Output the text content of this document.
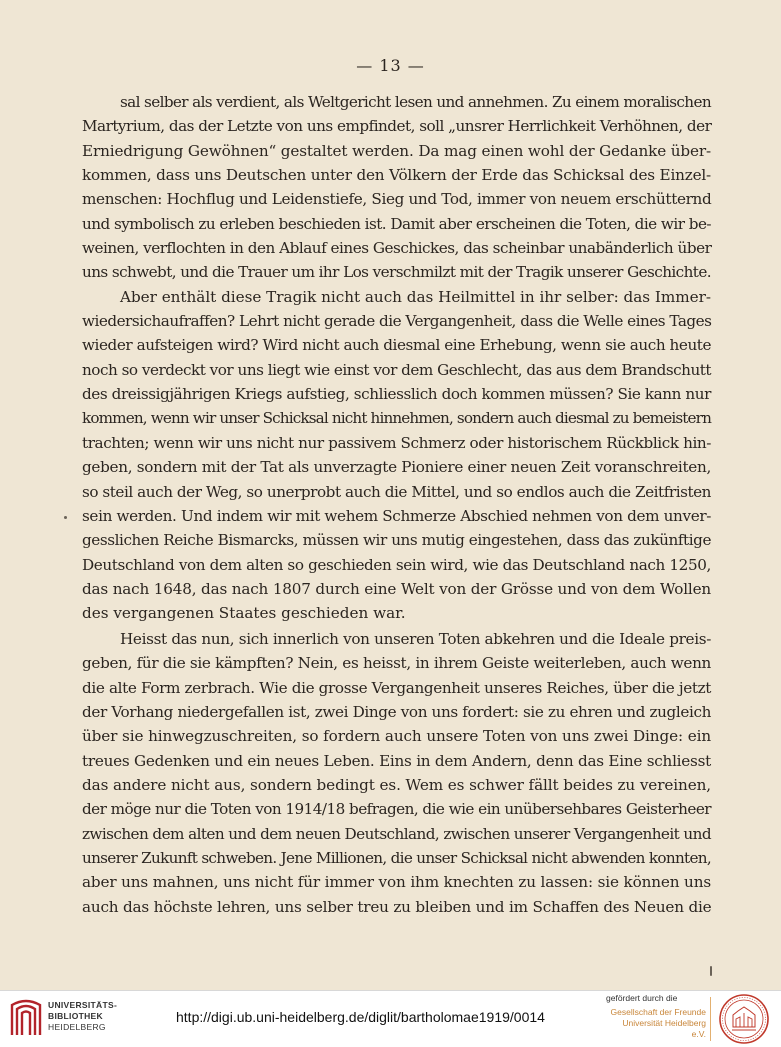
— 13 —
sal selber als verdient, als Weltgericht lesen und annehmen. Zu einem moralischen
Martyrium, das der Letzte von uns empfindet, soll „unsrer Herrlichkeit Verhöhnen, der
Erniedrigung Gewöhnen“ gestaltet werden. Da mag einen wohl der Gedanke über-
kommen, dass uns Deutschen unter den Völkern der Erde das Schicksal des Einzel-
menschen: Hochflug und Leidenstiefe, Sieg und Tod, immer von neuem erschütternd
und symbolisch zu erleben beschieden ist. Damit aber erscheinen die Toten, die wir be-
weinen, verflochten in den Ablauf eines Geschickes, das scheinbar unabänderlich über
uns schwebt, und die Trauer um ihr Los verschmilzt mit der Tragik unserer Geschichte.
Aber enthält diese Tragik nicht auch das Heilmittel in ihr selber: das Immer-
wiedersichaufraffen? Lehrt nicht gerade die Vergangenheit, dass die Welle eines Tages
wieder aufsteigen wird? Wird nicht auch diesmal eine Erhebung, wenn sie auch heute
noch so verdeckt vor uns liegt wie einst vor dem Geschlecht, das aus dem Brandschutt
des dreissigjährigen Kriegs aufstieg, schliesslich doch kommen müssen? Sie kann nur
kommen, wenn wir unser Schicksal nicht hinnehmen, sondern auch diesmal zu bemeistern
trachten; wenn wir uns nicht nur passivem Schmerz oder historischem Rückblick hin-
geben, sondern mit der Tat als unverzagte Pioniere einer neuen Zeit voranschreiten,
so steil auch der Weg, so unerprobt auch die Mittel, und so endlos auch die Zeitfristen
sein werden. Und indem wir mit wehem Schmerze Abschied nehmen von dem unver-
gesslichen Reiche Bismarcks, müssen wir uns mutig eingestehen, dass das zukünftige
Deutschland von dem alten so geschieden sein wird, wie das Deutschland nach 1250,
das nach 1648, das nach 1807 durch eine Welt von der Grösse und von dem Wollen
des vergangenen Staates geschieden war.
Heisst das nun, sich innerlich von unseren Toten abkehren und die Ideale preis-
geben, für die sie kämpften? Nein, es heisst, in ihrem Geiste weiterleben, auch wenn
die alte Form zerbrach. Wie die grosse Vergangenheit unseres Reiches, über die jetzt
der Vorhang niedergefallen ist, zwei Dinge von uns fordert: sie zu ehren und zugleich
über sie hinwegzuschreiten, so fordern auch unsere Toten von uns zwei Dinge: ein
treues Gedenken und ein neues Leben. Eins in dem Andern, denn das Eine schliesst
das andere nicht aus, sondern bedingt es. Wem es schwer fällt beides zu vereinen,
der möge nur die Toten von 1914/18 befragen, die wie ein unübersehbares Geisterheer
zwischen dem alten und dem neuen Deutschland, zwischen unserer Vergangenheit und
unserer Zukunft schweben. Jene Millionen, die unser Schicksal nicht abwenden konnten,
aber uns mahnen, uns nicht für immer von ihm knechten zu lassen: sie können uns
auch das höchste lehren, uns selber treu zu bleiben und im Schaffen des Neuen die
UNIVERSITÄTS-
BIBLIOTHEK
HEIDELBERG
http://digi.ub.uni-heidelberg.de/diglit/bartholomae1919/0014
gefördert durch die
Gesellschaft der Freunde
Universität Heidelberg e.V.
